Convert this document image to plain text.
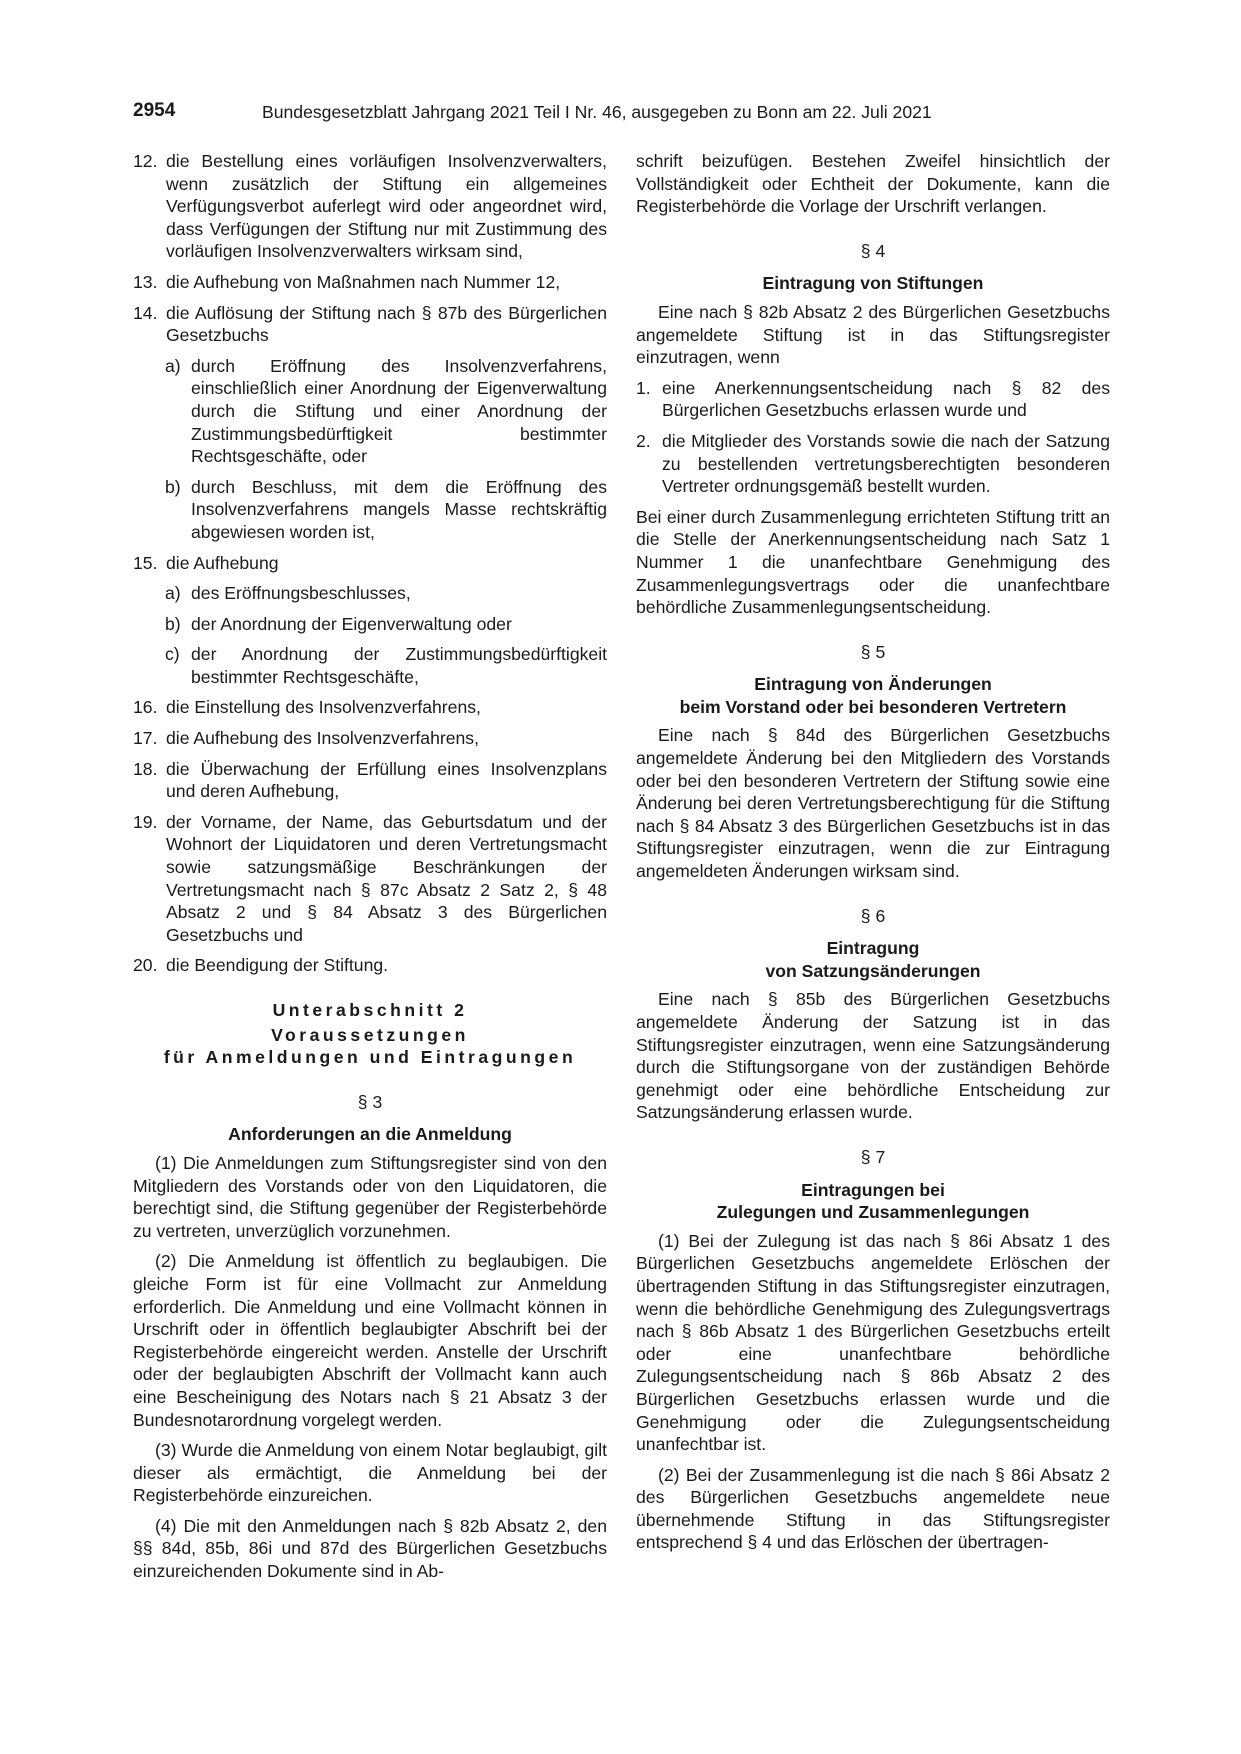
2954	Bundesgesetzblatt Jahrgang 2021 Teil I Nr. 46, ausgegeben zu Bonn am 22. Juli 2021
12. die Bestellung eines vorläufigen Insolvenzverwalters, wenn zusätzlich der Stiftung ein allgemeines Verfügungsverbot auferlegt wird oder angeordnet wird, dass Verfügungen der Stiftung nur mit Zustimmung des vorläufigen Insolvenzverwalters wirksam sind,
13. die Aufhebung von Maßnahmen nach Nummer 12,
14. die Auflösung der Stiftung nach § 87b des Bürgerlichen Gesetzbuchs
a) durch Eröffnung des Insolvenzverfahrens, einschließlich einer Anordnung der Eigenverwaltung durch die Stiftung und einer Anordnung der Zustimmungsbedürftigkeit bestimmter Rechtsgeschäfte, oder
b) durch Beschluss, mit dem die Eröffnung des Insolvenzverfahrens mangels Masse rechtskräftig abgewiesen worden ist,
15. die Aufhebung
a) des Eröffnungsbeschlusses,
b) der Anordnung der Eigenverwaltung oder
c) der Anordnung der Zustimmungsbedürftigkeit bestimmter Rechtsgeschäfte,
16. die Einstellung des Insolvenzverfahrens,
17. die Aufhebung des Insolvenzverfahrens,
18. die Überwachung der Erfüllung eines Insolvenzplans und deren Aufhebung,
19. der Vorname, der Name, das Geburtsdatum und der Wohnort der Liquidatoren und deren Vertretungsmacht sowie satzungsmäßige Beschränkungen der Vertretungsmacht nach § 87c Absatz 2 Satz 2, § 48 Absatz 2 und § 84 Absatz 3 des Bürgerlichen Gesetzbuchs und
20. die Beendigung der Stiftung.
Unterabschnitt 2
Voraussetzungen
für Anmeldungen und Eintragungen
§ 3
Anforderungen an die Anmeldung

(1) Die Anmeldungen zum Stiftungsregister sind von den Mitgliedern des Vorstands oder von den Liquidatoren, die berechtigt sind, die Stiftung gegenüber der Registerbehörde zu vertreten, unverzüglich vorzunehmen.

(2) Die Anmeldung ist öffentlich zu beglaubigen. Die gleiche Form ist für eine Vollmacht zur Anmeldung erforderlich. Die Anmeldung und eine Vollmacht können in Urschrift oder in öffentlich beglaubigter Abschrift bei der Registerbehörde eingereicht werden. Anstelle der Urschrift oder der beglaubigten Abschrift der Vollmacht kann auch eine Bescheinigung des Notars nach § 21 Absatz 3 der Bundesnotarordnung vorgelegt werden.

(3) Wurde die Anmeldung von einem Notar beglaubigt, gilt dieser als ermächtigt, die Anmeldung bei der Registerbehörde einzureichen.

(4) Die mit den Anmeldungen nach § 82b Absatz 2, den §§ 84d, 85b, 86i und 87d des Bürgerlichen Gesetzbuchs einzureichenden Dokumente sind in Ab-

schrift beizufügen. Bestehen Zweifel hinsichtlich der Vollständigkeit oder Echtheit der Dokumente, kann die Registerbehörde die Vorlage der Urschrift verlangen.

§ 4
Eintragung von Stiftungen

Eine nach § 82b Absatz 2 des Bürgerlichen Gesetzbuchs angemeldete Stiftung ist in das Stiftungsregister einzutragen, wenn

1. eine Anerkennungsentscheidung nach § 82 des Bürgerlichen Gesetzbuchs erlassen wurde und
2. die Mitglieder des Vorstands sowie die nach der Satzung zu bestellenden vertretungsberechtigten besonderen Vertreter ordnungsgemäß bestellt wurden.

Bei einer durch Zusammenlegung errichteten Stiftung tritt an die Stelle der Anerkennungsentscheidung nach Satz 1 Nummer 1 die unanfechtbare Genehmigung des Zusammenlegungsvertrags oder die unanfechtbare behördliche Zusammenlegungsentscheidung.

§ 5
Eintragung von Änderungen
beim Vorstand oder bei besonderen Vertretern

Eine nach § 84d des Bürgerlichen Gesetzbuchs angemeldete Änderung bei den Mitgliedern des Vorstands oder bei den besonderen Vertretern der Stiftung sowie eine Änderung bei deren Vertretungsberechtigung für die Stiftung nach § 84 Absatz 3 des Bürgerlichen Gesetzbuchs ist in das Stiftungsregister einzutragen, wenn die zur Eintragung angemeldeten Änderungen wirksam sind.

§ 6
Eintragung
von Satzungsänderungen

Eine nach § 85b des Bürgerlichen Gesetzbuchs angemeldete Änderung der Satzung ist in das Stiftungsregister einzutragen, wenn eine Satzungsänderung durch die Stiftungsorgane von der zuständigen Behörde genehmigt oder eine behördliche Entscheidung zur Satzungsänderung erlassen wurde.

§ 7
Eintragungen bei
Zulegungen und Zusammenlegungen

(1) Bei der Zulegung ist das nach § 86i Absatz 1 des Bürgerlichen Gesetzbuchs angemeldete Erlöschen der übertragenden Stiftung in das Stiftungsregister einzutragen, wenn die behördliche Genehmigung des Zulegungsvertrags nach § 86b Absatz 1 des Bürgerlichen Gesetzbuchs erteilt oder eine unanfechtbare behördliche Zulegungsentscheidung nach § 86b Absatz 2 des Bürgerlichen Gesetzbuchs erlassen wurde und die Genehmigung oder die Zulegungsentscheidung unanfechtbar ist.

(2) Bei der Zusammenlegung ist die nach § 86i Absatz 2 des Bürgerlichen Gesetzbuchs angemeldete neue übernehmende Stiftung in das Stiftungsregister entsprechend § 4 und das Erlöschen der übertragen-
